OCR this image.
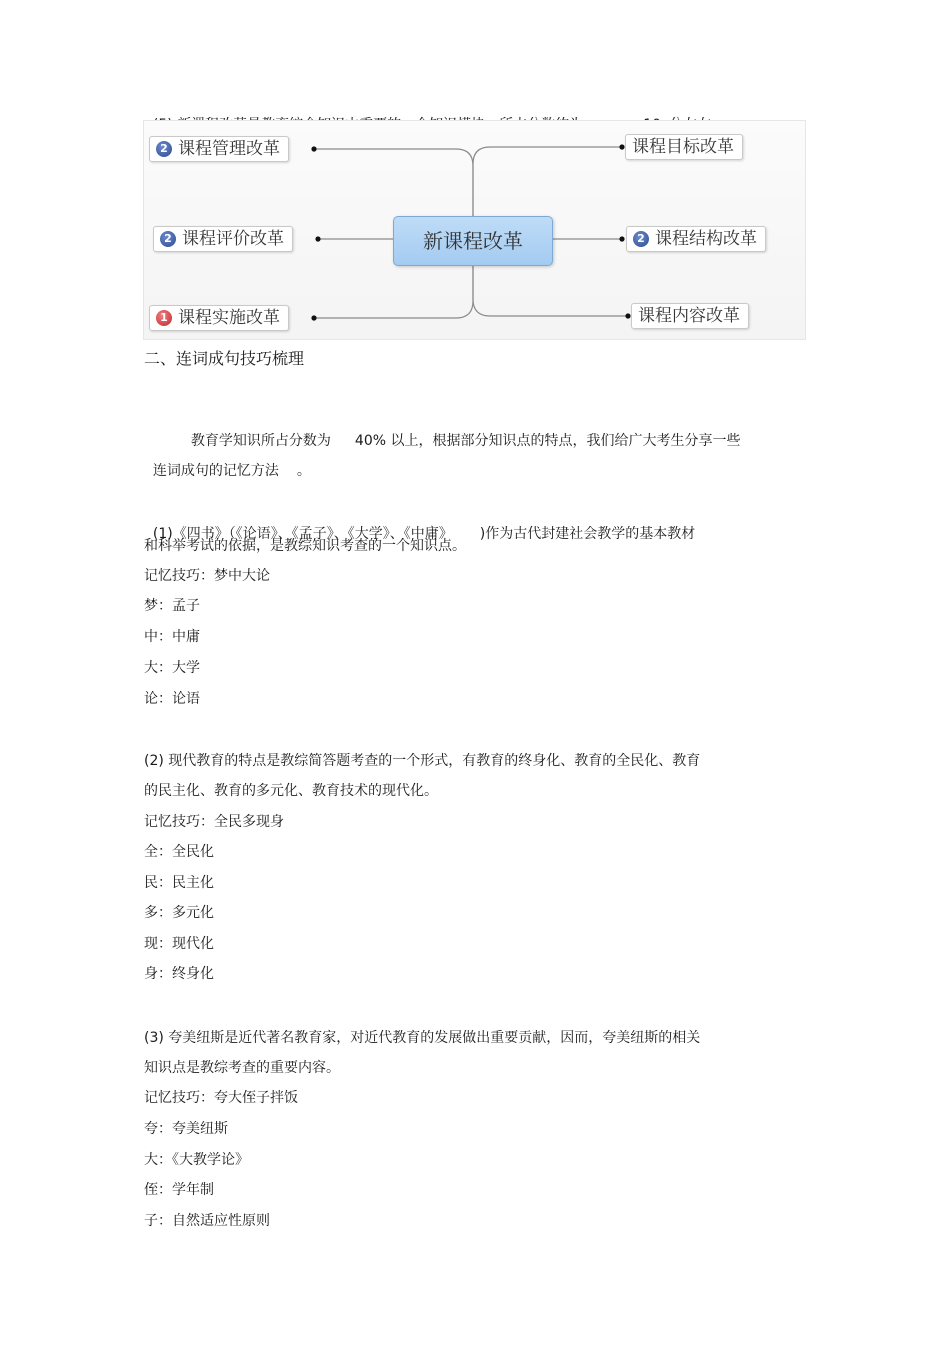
2 课程管理改革
2 课程评价改革
1 课程实施改革
新课程改革
课程目标改革
2 课程结构改革
课程内容改革
二、连词成句技巧梳理

教育学知识所占分数为 40% 以上，根据部分知识点的特点，我们给广大考生分享一些

连词成句的记忆方法 。

(1)《四书》（《论语》、《孟子》、《大学》、《中庸》 )作为古代封建社会教学的基本教材

和科举考试的依据，是教综知识考查的一个知识点。
记忆技巧：梦中大论
梦：孟子
中：中庸
大：大学
论：论语
(2) 现代教育的特点是教综简答题考查的一个形式，有教育的终身化、教育的全民化、教育
的民主化、教育的多元化、教育技术的现代化。
记忆技巧：全民多现身
全：全民化
民：民主化
多：多元化
现：现代化
身：终身化
(3) 夸美纽斯是近代著名教育家，对近代教育的发展做出重要贡献，因而，夸美纽斯的相关
知识点是教综考查的重要内容。
记忆技巧：夸大侄子拌饭
夸：夸美纽斯
大：《大教学论》
侄：学年制
子：自然适应性原则
